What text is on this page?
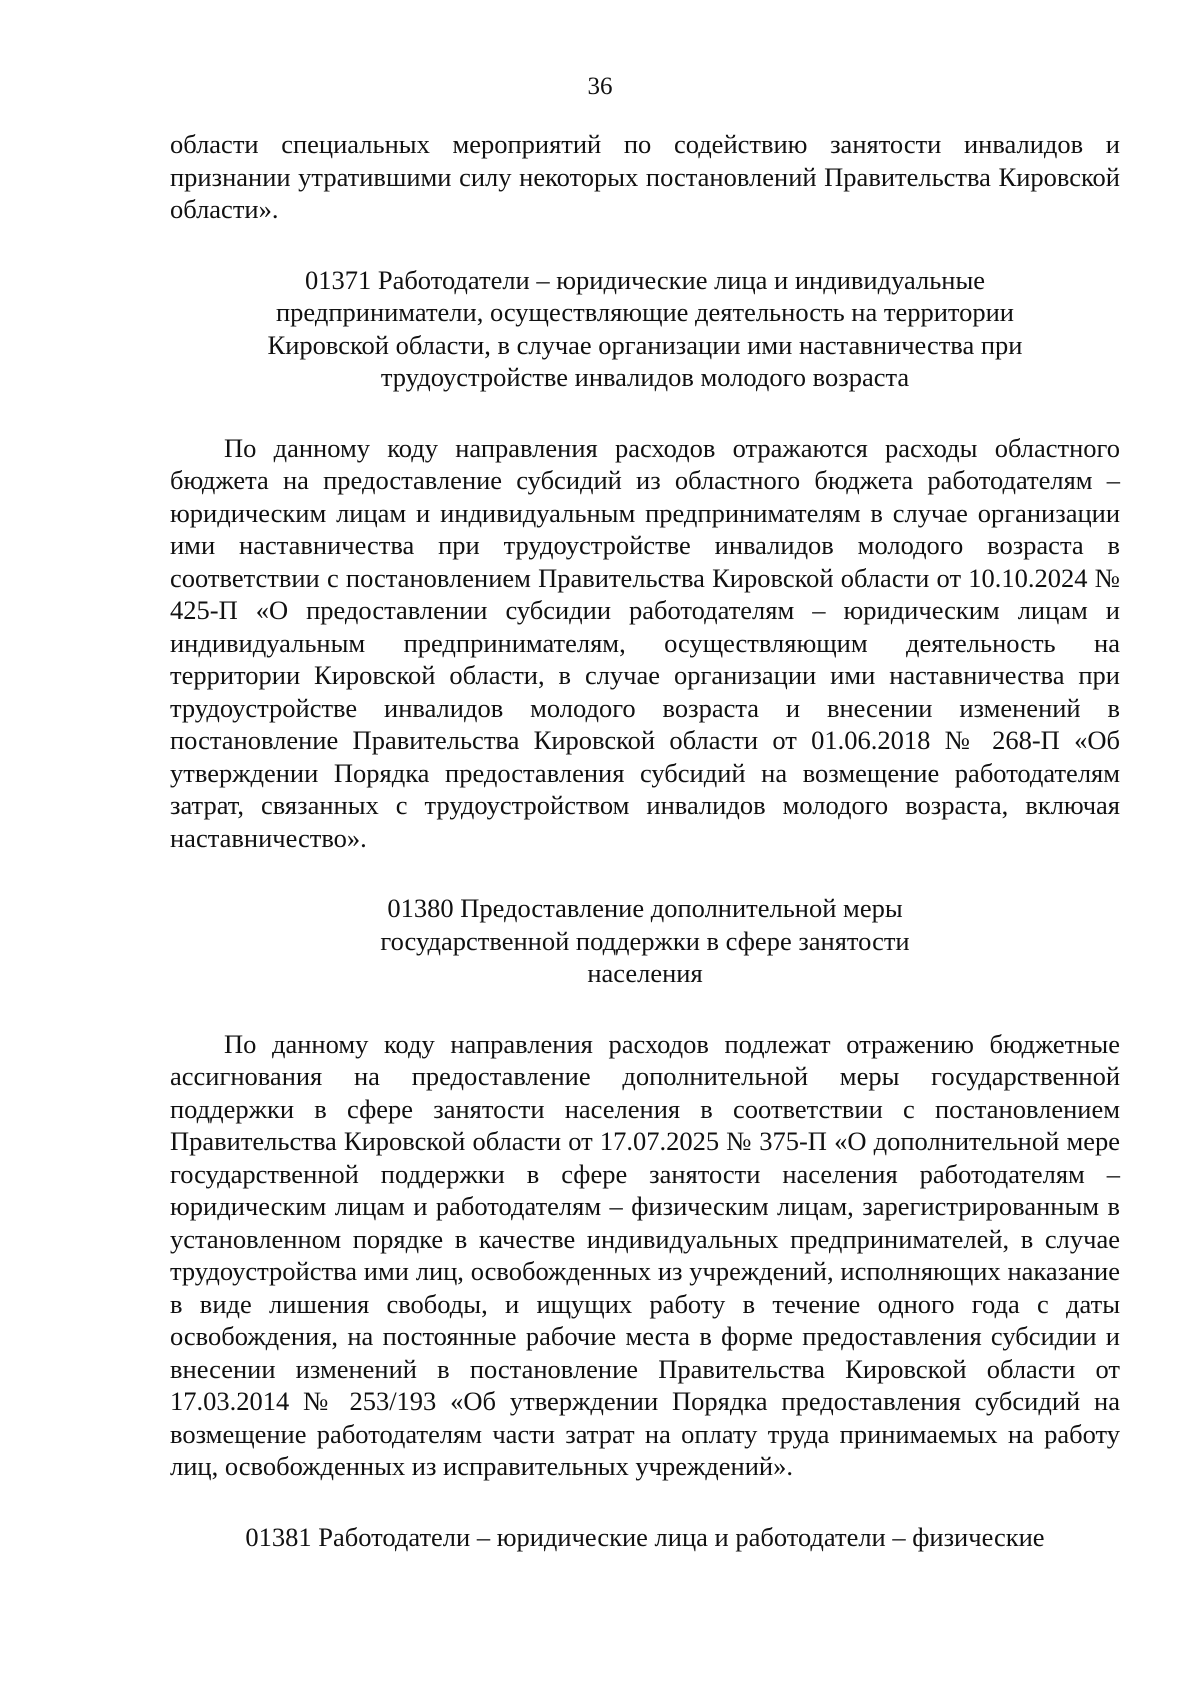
36

области специальных мероприятий по содействию занятости инвалидов и признании утратившими силу некоторых постановлений Правительства Кировской области».

01371 Работодатели – юридические лица и индивидуальные предприниматели, осуществляющие деятельность на территории Кировской области, в случае организации ими наставничества при трудоустройстве инвалидов молодого возраста

По данному коду направления расходов отражаются расходы областного бюджета на предоставление субсидий из областного бюджета работодателям – юридическим лицам и индивидуальным предпринимателям в случае организации ими наставничества при трудоустройстве инвалидов молодого возраста в соответствии с постановлением Правительства Кировской области от 10.10.2024 № 425-П «О предоставлении субсидии работодателям – юридическим лицам и индивидуальным предпринимателям, осуществляющим деятельность на территории Кировской области, в случае организации ими наставничества при трудоустройстве инвалидов молодого возраста и внесении изменений в постановление Правительства Кировской области от 01.06.2018 № 268-П «Об утверждении Порядка предоставления субсидий на возмещение работодателям затрат, связанных с трудоустройством инвалидов молодого возраста, включая наставничество».

01380 Предоставление дополнительной меры государственной поддержки в сфере занятости населения

По данному коду направления расходов подлежат отражению бюджетные ассигнования на предоставление дополнительной меры государственной поддержки в сфере занятости населения в соответствии с постановлением Правительства Кировской области от 17.07.2025 № 375-П «О дополнительной мере государственной поддержки в сфере занятости населения работодателям – юридическим лицам и работодателям – физическим лицам, зарегистрированным в установленном порядке в качестве индивидуальных предпринимателей, в случае трудоустройства ими лиц, освобожденных из учреждений, исполняющих наказание в виде лишения свободы, и ищущих работу в течение одного года с даты освобождения, на постоянные рабочие места в форме предоставления субсидии и внесении изменений в постановление Правительства Кировской области от 17.03.2014 № 253/193 «Об утверждении Порядка предоставления субсидий на возмещение работодателям части затрат на оплату труда принимаемых на работу лиц, освобожденных из исправительных учреждений».

01381 Работодатели – юридические лица и работодатели – физические
